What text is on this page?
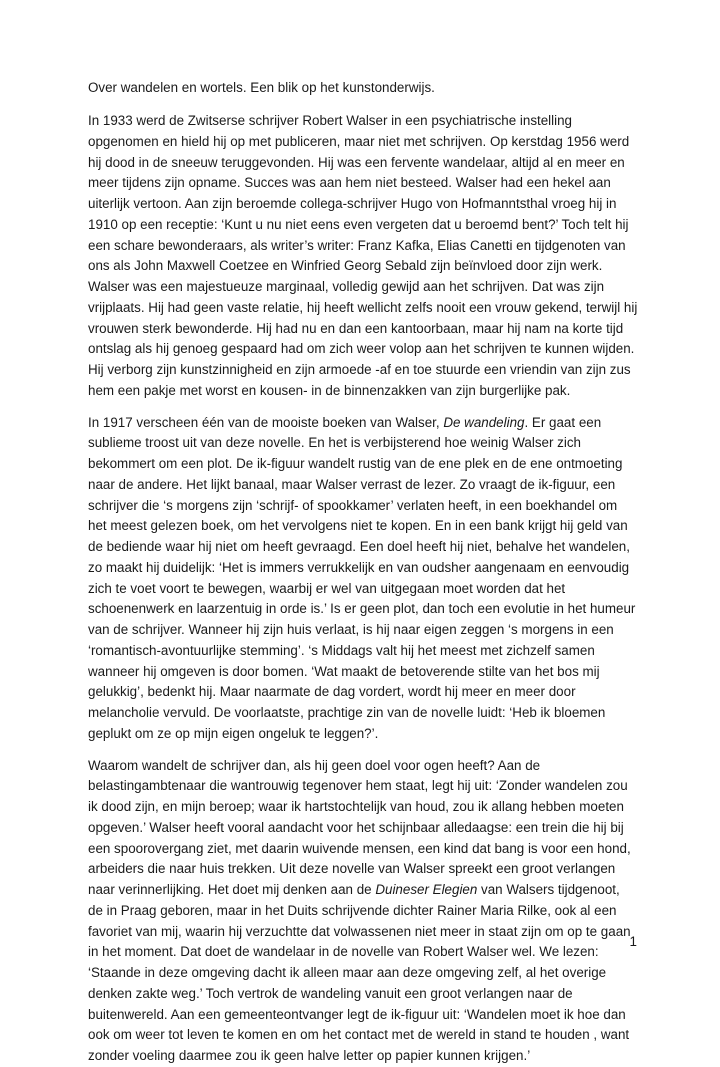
Over wandelen en wortels. Een blik op het kunstonderwijs.

In 1933 werd de Zwitserse schrijver Robert Walser in een psychiatrische instelling opgenomen en hield hij op met publiceren, maar niet met schrijven. Op kerstdag 1956 werd hij dood in de sneeuw teruggevonden. Hij was een fervente wandelaar, altijd al en meer en meer tijdens zijn opname. Succes was aan hem niet besteed. Walser had een hekel aan uiterlijk vertoon. Aan zijn beroemde collega-schrijver Hugo von Hofmanntsthal vroeg hij in 1910 op een receptie: ‘Kunt u nu niet eens even vergeten dat u beroemd bent?’ Toch telt hij een schare bewonderaars, als writer’s writer: Franz Kafka, Elias Canetti en tijdgenoten van ons als John Maxwell Coetzee en Winfried Georg Sebald zijn beïnvloed door zijn werk. Walser was een majestueuze marginaal, volledig gewijd aan het schrijven. Dat was zijn vrijplaats. Hij had geen vaste relatie, hij heeft wellicht zelfs nooit een vrouw gekend, terwijl hij vrouwen sterk bewonderde. Hij had nu en dan een kantoorbaan, maar hij nam na korte tijd ontslag als hij genoeg gespaard had om zich weer volop aan het schrijven te kunnen wijden. Hij verborg zijn kunstzinnigheid en zijn armoede -af en toe stuurde een vriendin van zijn zus hem een pakje met worst en kousen- in de binnenzakken van zijn burgerlijke pak.

In 1917 verscheen één van de mooiste boeken van Walser, De wandeling. Er gaat een sublieme troost uit van deze novelle. En het is verbijsterend hoe weinig Walser zich bekommert om een plot. De ik-figuur wandelt rustig van de ene plek en de ene ontmoeting naar de andere. Het lijkt banaal, maar Walser verrast de lezer. Zo vraagt de ik-figuur, een schrijver die ‘s morgens zijn ‘schrijf- of spookkamer’ verlaten heeft, in een boekhandel om het meest gelezen boek, om het vervolgens niet te kopen. En in een bank krijgt hij geld van de bediende waar hij niet om heeft gevraagd. Een doel heeft hij niet, behalve het wandelen, zo maakt hij duidelijk: ‘Het is immers verrukkelijk en van oudsher aangenaam en eenvoudig zich te voet voort te bewegen, waarbij er wel van uitgegaan moet worden dat het schoenenwerk en laarzentuig in orde is.’ Is er geen plot, dan toch een evolutie in het humeur van de schrijver. Wanneer hij zijn huis verlaat, is hij naar eigen zeggen ‘s morgens in een ‘romantisch-avontuurlijke stemming’. ‘s Middags valt hij het meest met zichzelf samen wanneer hij omgeven is door bomen. ‘Wat maakt de betoverende stilte van het bos mij gelukkig’, bedenkt hij. Maar naarmate de dag vordert, wordt hij meer en meer door melancholie vervuld. De voorlaatste, prachtige zin van de novelle luidt: ‘Heb ik bloemen geplukt om ze op mijn eigen ongeluk te leggen?’.

Waarom wandelt de schrijver dan, als hij geen doel voor ogen heeft? Aan de belastingambtenaar die wantrouwig tegenover hem staat, legt hij uit: ‘Zonder wandelen zou ik dood zijn, en mijn beroep; waar ik hartstochtelijk van houd, zou ik allang hebben moeten opgeven.’ Walser heeft vooral aandacht voor het schijnbaar alledaagse: een trein die hij bij een spoorovergang ziet, met daarin wuivende mensen, een kind dat bang is voor een hond, arbeiders die naar huis trekken. Uit deze novelle van Walser spreekt een groot verlangen naar verinnerlijking. Het doet mij denken aan de Duineser Elegien van Walsers tijdgenoot, de in Praag geboren, maar in het Duits schrijvende dichter Rainer Maria Rilke, ook al een favoriet van mij, waarin hij verzuchtte dat volwassenen niet meer in staat zijn om op te gaan in het moment. Dat doet de wandelaar in de novelle van Robert Walser wel. We lezen: ‘Staande in deze omgeving dacht ik alleen maar aan deze omgeving zelf, al het overige denken zakte weg.’ Toch vertrok de wandeling vanuit een groot verlangen naar de buitenwereld. Aan een gemeenteontvanger legt de ik-figuur uit: ‘Wandelen moet ik hoe dan ook om weer tot leven te komen en om het contact met de wereld in stand te houden , want zonder voeling daarmee zou ik geen halve letter op papier kunnen krijgen.’

1
